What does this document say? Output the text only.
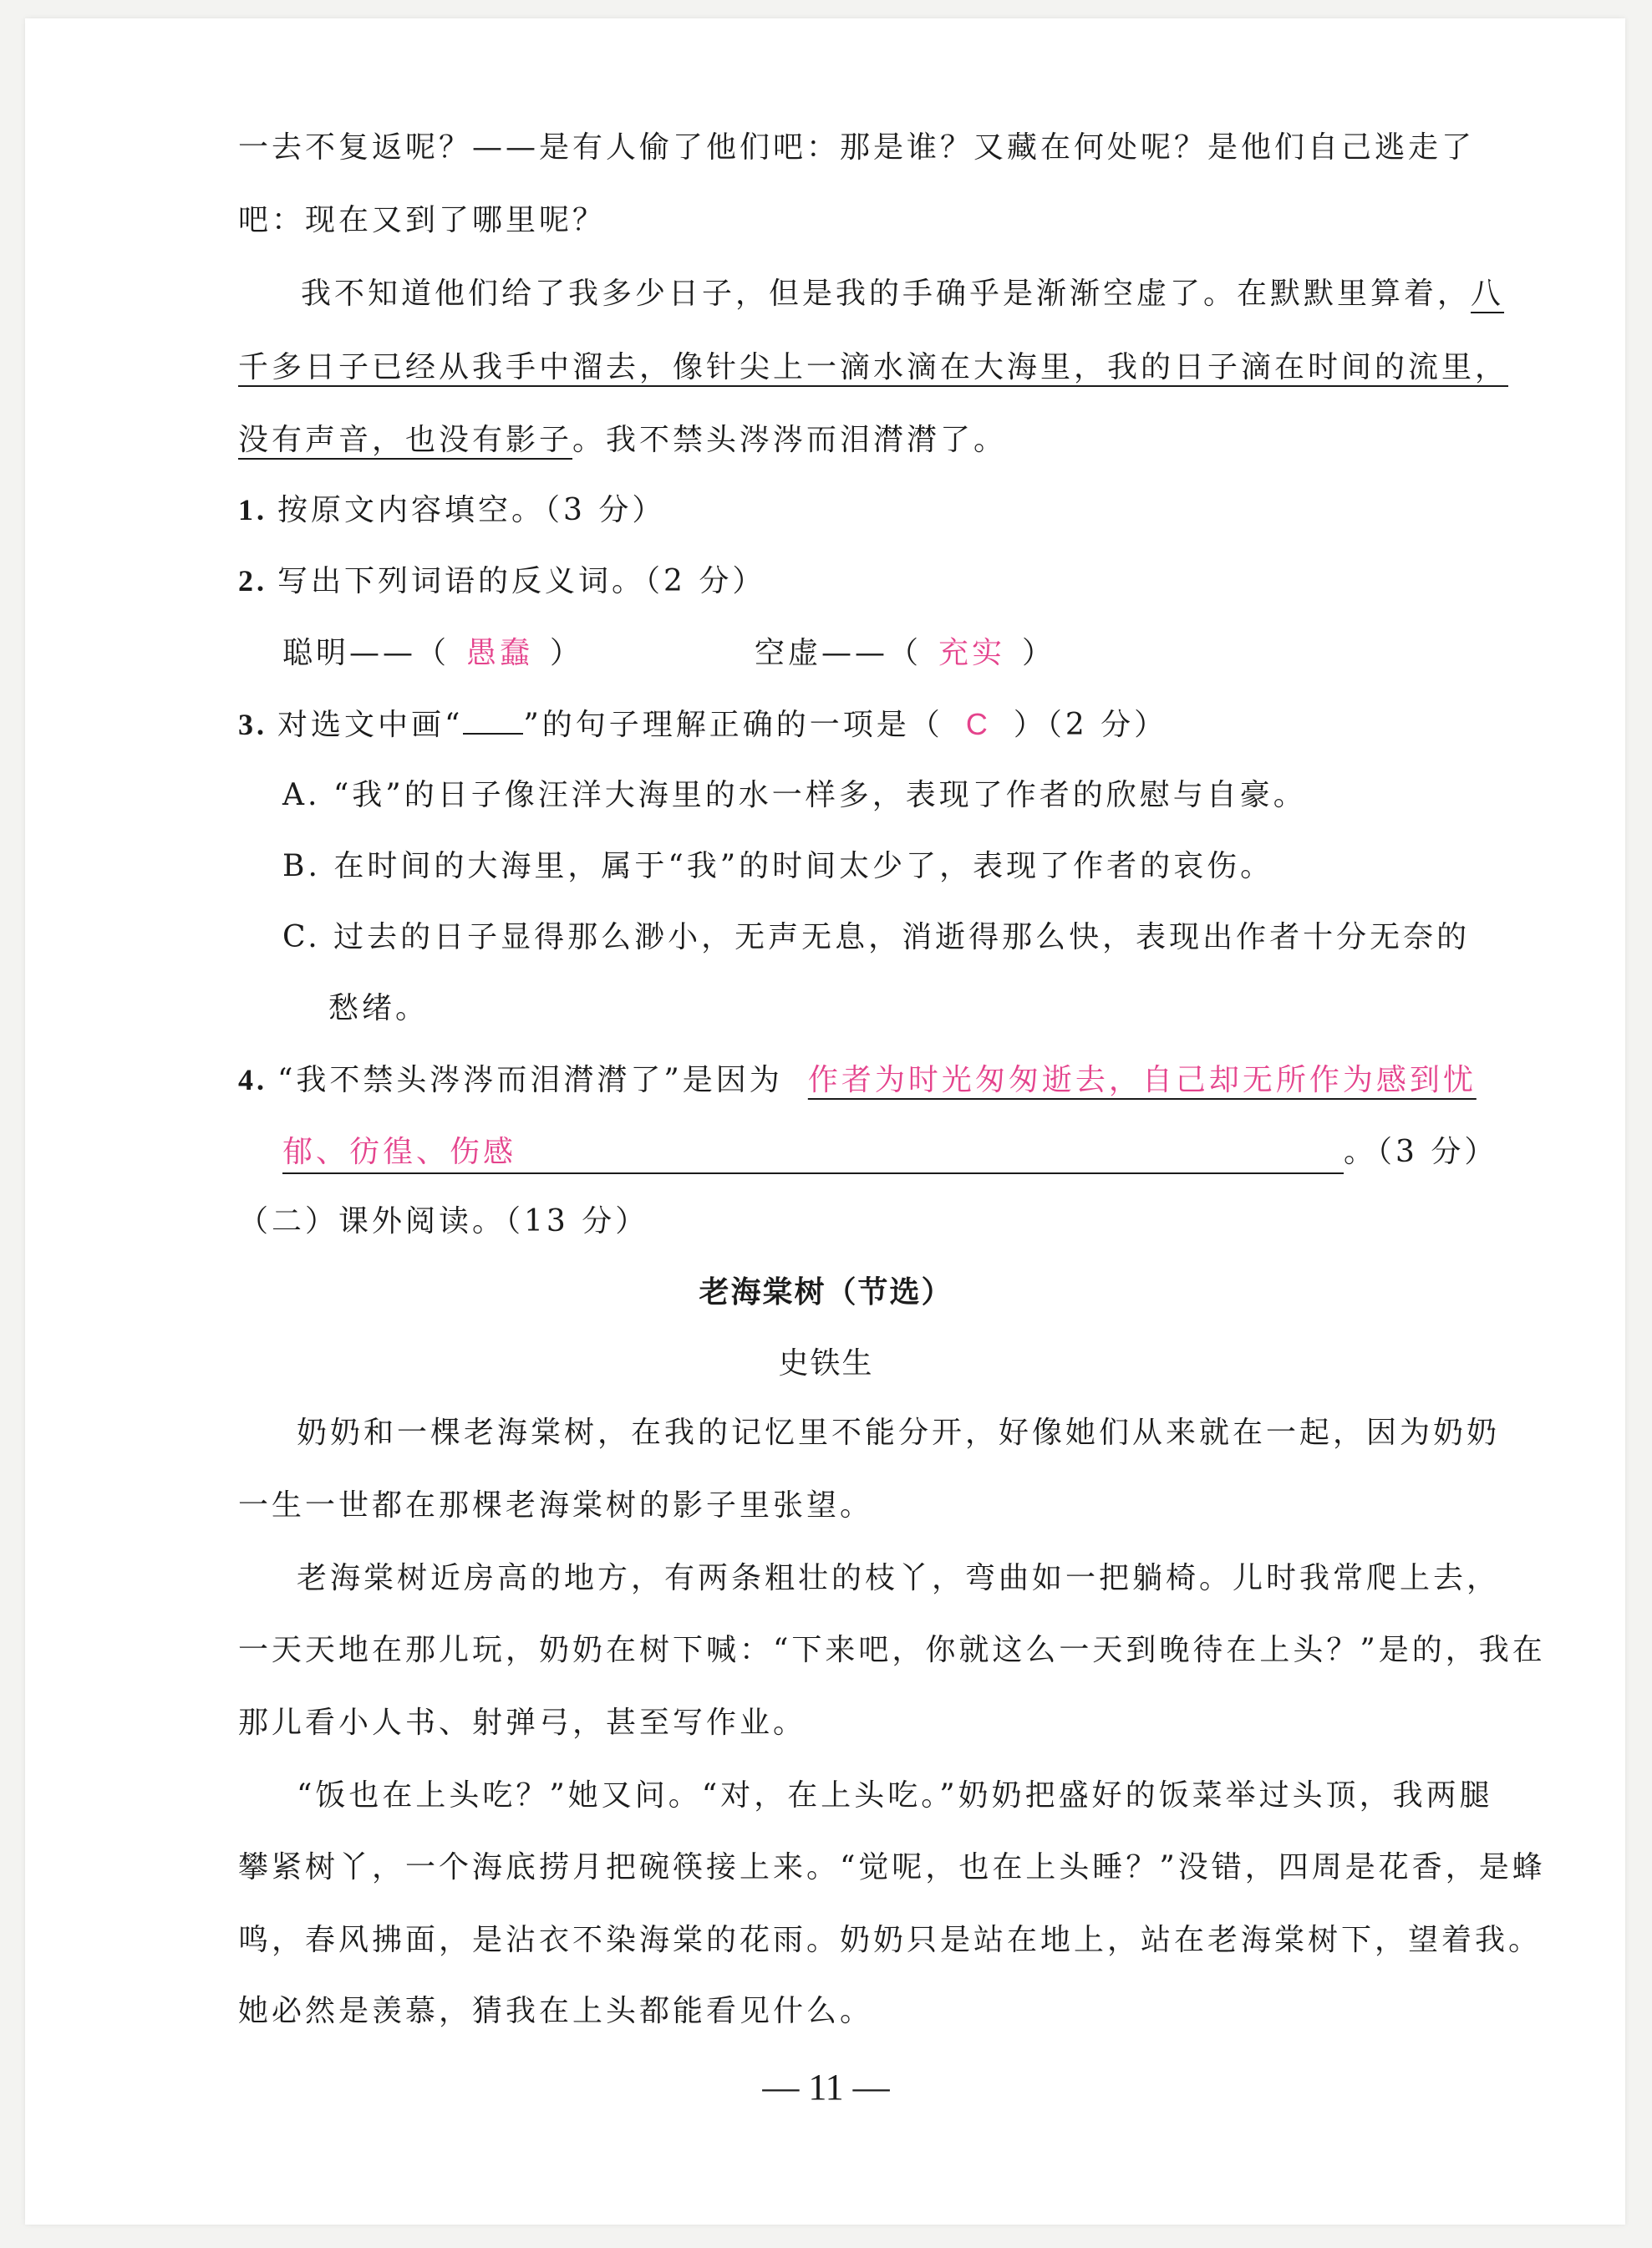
一去不复返呢？——是有人偷了他们吧：那是谁？又藏在何处呢？是他们自己逃走了
吧：现在又到了哪里呢？
我不知道他们给了我多少日子，但是我的手确乎是渐渐空虚了。在默默里算着，八
千多日子已经从我手中溜去，像针尖上一滴水滴在大海里，我的日子滴在时间的流里，
没有声音，也没有影子。我不禁头涔涔而泪潸潸了。
1. 按原文内容填空。（3 分）
2. 写出下列词语的反义词。（2 分）
聪明——（ 愚蠢 ）	空虚——（ 充实 ）
3. 对选文中画“ ”的句子理解正确的一项是（ C ）（2 分）
A. “我”的日子像汪洋大海里的水一样多，表现了作者的欣慰与自豪。
B. 在时间的大海里，属于“我”的时间太少了，表现了作者的哀伤。
C. 过去的日子显得那么渺小，无声无息，消逝得那么快，表现出作者十分无奈的
愁绪。
4. “我不禁头涔涔而泪潸潸了”是因为 作者为时光匆匆逝去，自己却无所作为感到忧
郁、彷徨、伤感	。（3 分）
（二）课外阅读。（13 分）
老海棠树（节选）
史铁生
奶奶和一棵老海棠树，在我的记忆里不能分开，好像她们从来就在一起，因为奶奶
一生一世都在那棵老海棠树的影子里张望。
老海棠树近房高的地方，有两条粗壮的枝丫，弯曲如一把躺椅。儿时我常爬上去，
一天天地在那儿玩，奶奶在树下喊：“下来吧，你就这么一天到晚待在上头？”是的，我在
那儿看小人书、射弹弓，甚至写作业。
“饭也在上头吃？”她又问。“对，在上头吃。”奶奶把盛好的饭菜举过头顶，我两腿
攀紧树丫，一个海底捞月把碗筷接上来。“觉呢，也在上头睡？”没错，四周是花香，是蜂
鸣，春风拂面，是沾衣不染海棠的花雨。奶奶只是站在地上，站在老海棠树下，望着我。
她必然是羡慕，猜我在上头都能看见什么。
— 11 —
